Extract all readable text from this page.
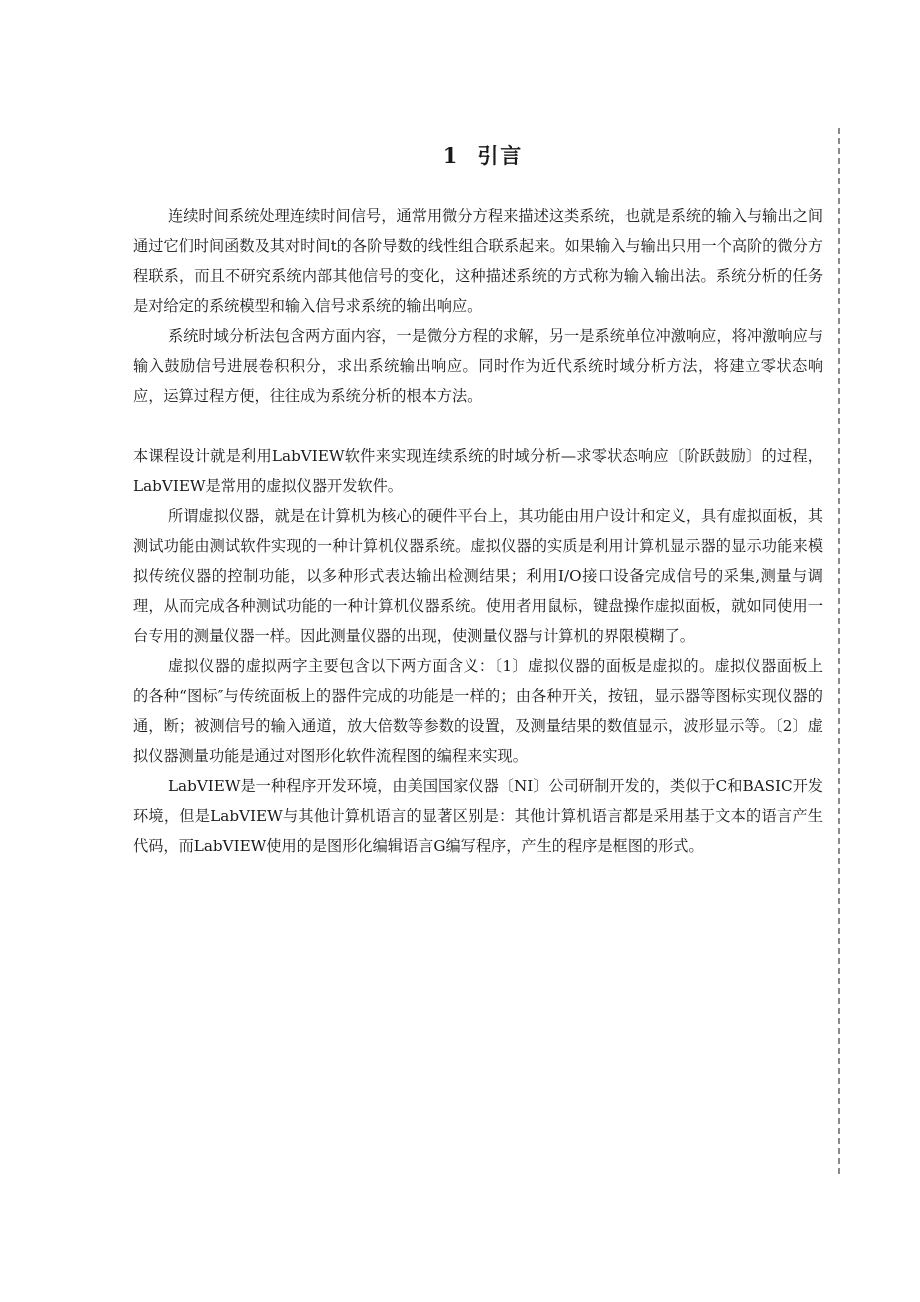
1 引言

连续时间系统处理连续时间信号，通常用微分方程来描述这类系统，也就是系统的输入与输出之间通过它们时间函数及其对时间t的各阶导数的线性组合联系起来。如果输入与输出只用一个高阶的微分方程联系，而且不研究系统内部其他信号的变化，这种描述系统的方式称为输入输出法。系统分析的任务是对给定的系统模型和输入信号求系统的输出响应。

系统时域分析法包含两方面内容，一是微分方程的求解，另一是系统单位冲激响应，将冲激响应与输入鼓励信号进展卷积积分，求出系统输出响应。同时作为近代系统时域分析方法，将建立零状态响应，运算过程方便，往往成为系统分析的根本方法。

本课程设计就是利用LabVIEW软件来实现连续系统的时域分析—求零状态响应〔阶跃鼓励〕的过程，LabVIEW是常用的虚拟仪器开发软件。

所谓虚拟仪器，就是在计算机为核心的硬件平台上，其功能由用户设计和定义，具有虚拟面板，其测试功能由测试软件实现的一种计算机仪器系统。虚拟仪器的实质是利用计算机显示器的显示功能来模拟传统仪器的控制功能，以多种形式表达输出检测结果；利用I/O接口设备完成信号的采集,测量与调理，从而完成各种测试功能的一种计算机仪器系统。使用者用鼠标，键盘操作虚拟面板，就如同使用一台专用的测量仪器一样。因此测量仪器的出现，使测量仪器与计算机的界限模糊了。

虚拟仪器的虚拟两字主要包含以下两方面含义：〔1〕虚拟仪器的面板是虚拟的。虚拟仪器面板上的各种“图标″与传统面板上的器件完成的功能是一样的；由各种开关，按钮，显示器等图标实现仪器的通，断；被测信号的输入通道，放大倍数等参数的设置，及测量结果的数值显示，波形显示等。〔2〕虚拟仪器测量功能是通过对图形化软件流程图的编程来实现。

LabVIEW是一种程序开发环境，由美国国家仪器〔NI〕公司研制开发的，类似于C和BASIC开发环境，但是LabVIEW与其他计算机语言的显著区别是：其他计算机语言都是采用基于文本的语言产生代码，而LabVIEW使用的是图形化编辑语言G编写程序，产生的程序是框图的形式。
